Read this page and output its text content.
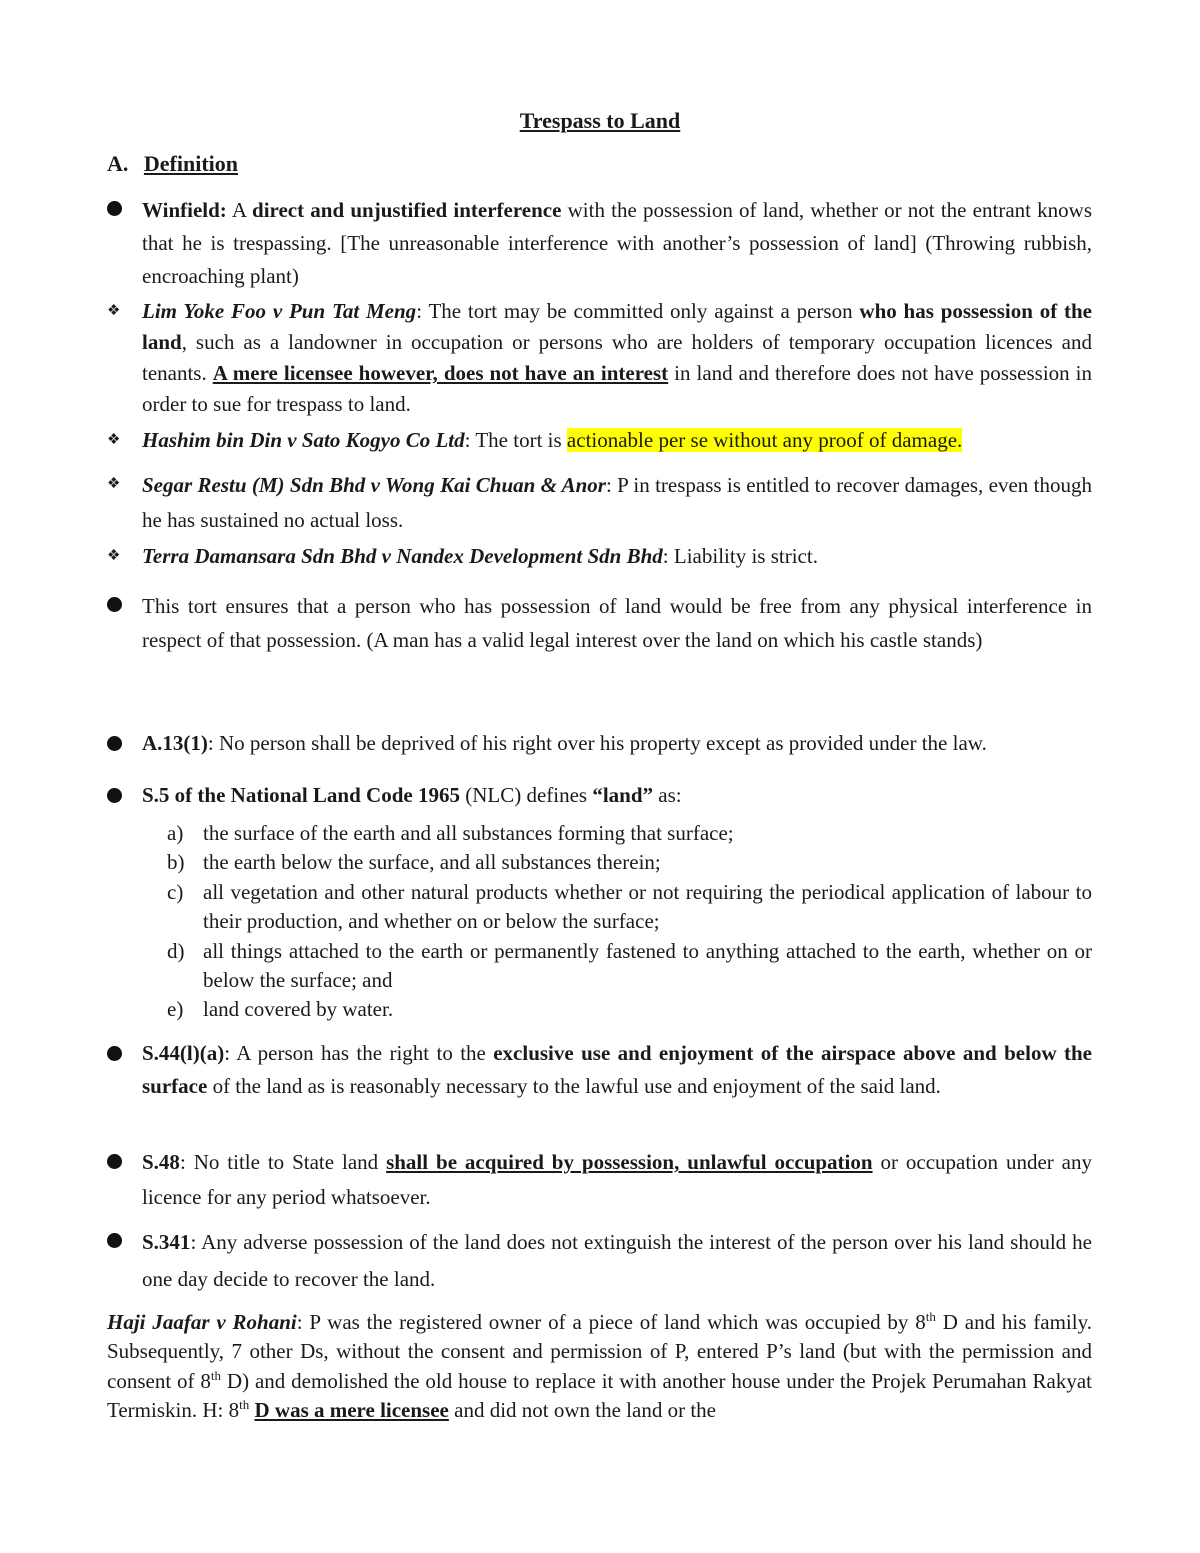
Trespass to Land
A. Definition
Winfield: A direct and unjustified interference with the possession of land, whether or not the entrant knows that he is trespassing. [The unreasonable interference with another’s possession of land] (Throwing rubbish, encroaching plant)
❖ Lim Yoke Foo v Pun Tat Meng: The tort may be committed only against a person who has possession of the land, such as a landowner in occupation or persons who are holders of temporary occupation licences and tenants. A mere licensee however, does not have an interest in land and therefore does not have possession in order to sue for trespass to land.
❖ Hashim bin Din v Sato Kogyo Co Ltd: The tort is actionable per se without any proof of damage.
❖ Segar Restu (M) Sdn Bhd v Wong Kai Chuan & Anor: P in trespass is entitled to recover damages, even though he has sustained no actual loss.
❖ Terra Damansara Sdn Bhd v Nandex Development Sdn Bhd: Liability is strict.
This tort ensures that a person who has possession of land would be free from any physical interference in respect of that possession. (A man has a valid legal interest over the land on which his castle stands)
A.13(1): No person shall be deprived of his right over his property except as provided under the law.
S.5 of the National Land Code 1965 (NLC) defines “land” as:
a) the surface of the earth and all substances forming that surface;
b) the earth below the surface, and all substances therein;
c) all vegetation and other natural products whether or not requiring the periodical application of labour to their production, and whether on or below the surface;
d) all things attached to the earth or permanently fastened to anything attached to the earth, whether on or below the surface; and
e) land covered by water.
S.44(l)(a): A person has the right to the exclusive use and enjoyment of the airspace above and below the surface of the land as is reasonably necessary to the lawful use and enjoyment of the said land.
S.48: No title to State land shall be acquired by possession, unlawful occupation or occupation under any licence for any period whatsoever.
S.341: Any adverse possession of the land does not extinguish the interest of the person over his land should he one day decide to recover the land.
Haji Jaafar v Rohani: P was the registered owner of a piece of land which was occupied by 8th D and his family. Subsequently, 7 other Ds, without the consent and permission of P, entered P’s land (but with the permission and consent of 8th D) and demolished the old house to replace it with another house under the Projek Perumahan Rakyat Termiskin. H: 8th D was a mere licensee and did not own the land or the
